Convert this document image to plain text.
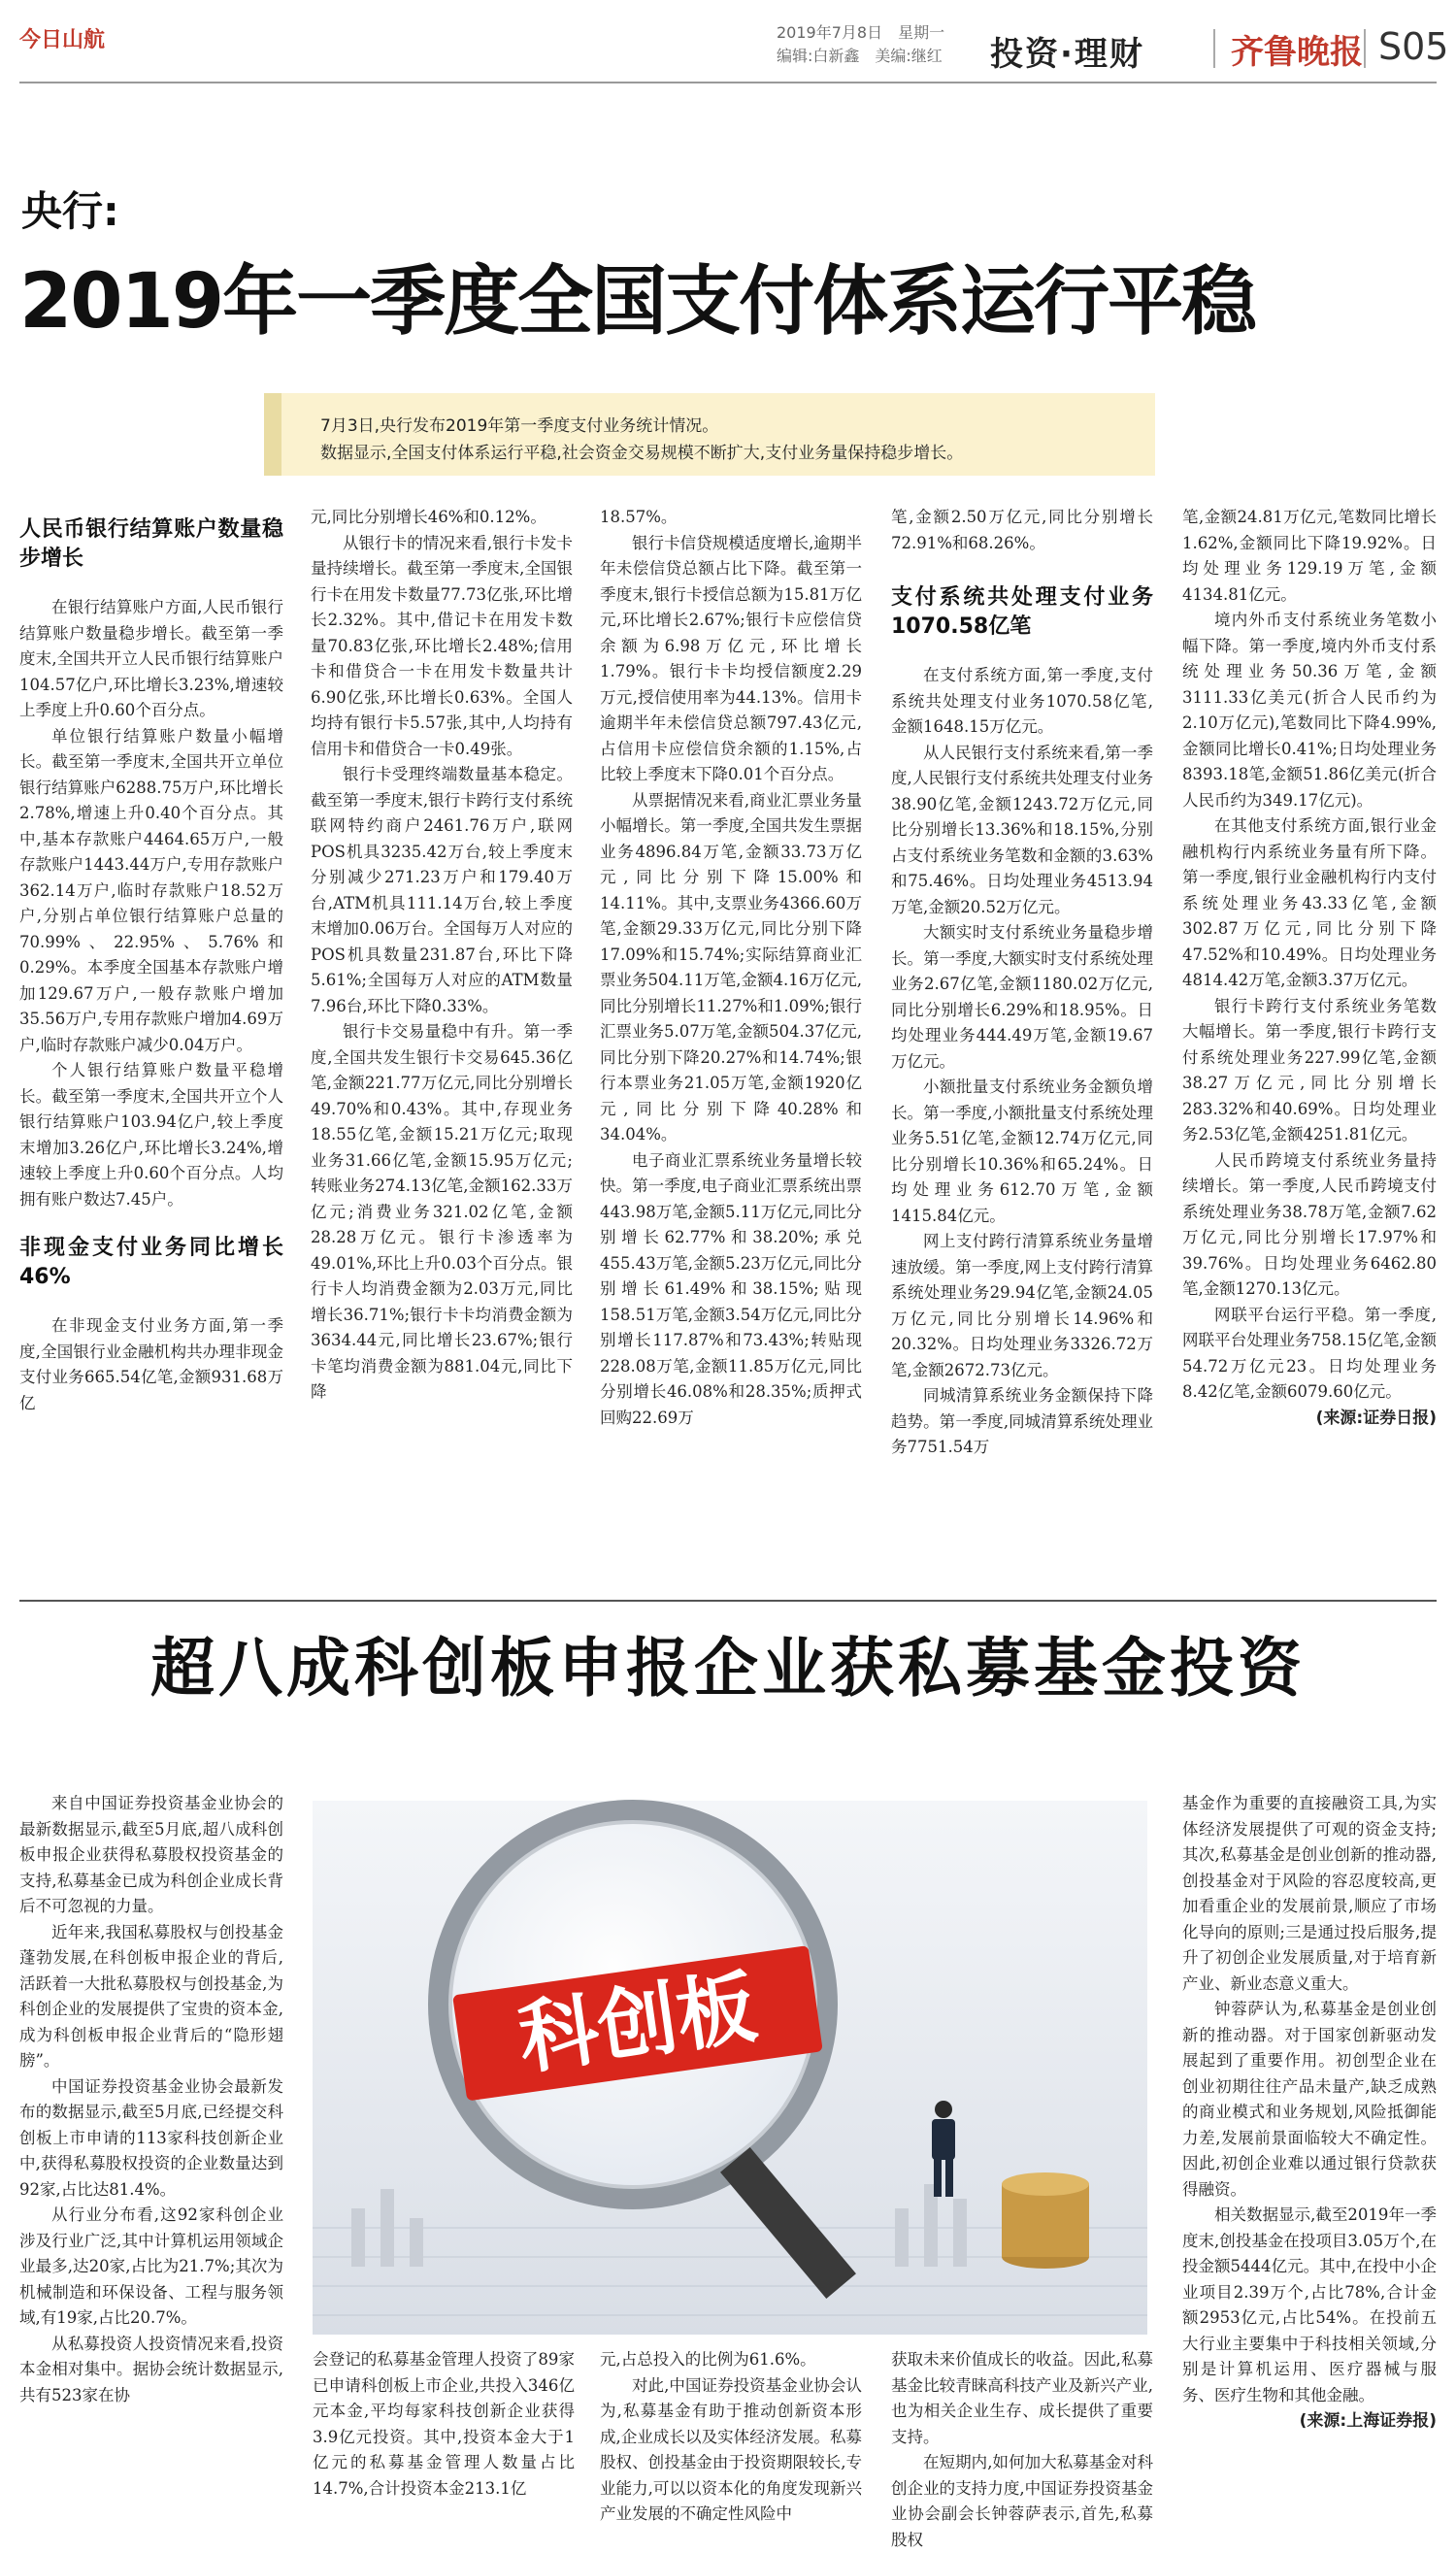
今日山航	2019年7月8日　星期一
编辑:白新鑫　美编:继红 投资·理财	齐鲁晚报 S05
央行:
2019年一季度全国支付体系运行平稳

7月3日,央行发布2019年第一季度支付业务统计情况。

数据显示,全国支付体系运行平稳,社会资金交易规模不断扩大,支付业务量保持稳步增长。

人民币银行结算账户数量稳步增长

在银行结算账户方面,人民币银行结算账户数量稳步增长。截至第一季度末,全国共开立人民币银行结算账户104.57亿户,环比增长3.23%,增速较上季度上升0.60个百分点。

单位银行结算账户数量小幅增长。截至第一季度末,全国共开立单位银行结算账户6288.75万户,环比增长2.78%,增速上升0.40个百分点。其中,基本存款账户4464.65万户,一般存款账户1443.44万户,专用存款账户362.14万户,临时存款账户18.52万户,分别占单位银行结算账户总量的70.99%、22.95%、5.76%和0.29%。本季度全国基本存款账户增加129.67万户,一般存款账户增加35.56万户,专用存款账户增加4.69万户,临时存款账户减少0.04万户。

个人银行结算账户数量平稳增长。截至第一季度末,全国共开立个人银行结算账户103.94亿户,较上季度末增加3.26亿户,环比增长3.24%,增速较上季度上升0.60个百分点。人均拥有账户数达7.45户。

非现金支付业务同比增长46%

在非现金支付业务方面,第一季度,全国银行业金融机构共办理非现金支付业务665.54亿笔,金额931.68万亿

元,同比分别增长46%和0.12%。

从银行卡的情况来看,银行卡发卡量持续增长。截至第一季度末,全国银行卡在用发卡数量77.73亿张,环比增长2.32%。其中,借记卡在用发卡数量70.83亿张,环比增长2.48%;信用卡和借贷合一卡在用发卡数量共计6.90亿张,环比增长0.63%。全国人均持有银行卡5.57张,其中,人均持有信用卡和借贷合一卡0.49张。

银行卡受理终端数量基本稳定。截至第一季度末,银行卡跨行支付系统联网特约商户2461.76万户,联网POS机具3235.42万台,较上季度末分别减少271.23万户和179.40万台,ATM机具111.14万台,较上季度末增加0.06万台。全国每万人对应的POS机具数量231.87台,环比下降5.61%;全国每万人对应的ATM数量7.96台,环比下降0.33%。

银行卡交易量稳中有升。第一季度,全国共发生银行卡交易645.36亿笔,金额221.77万亿元,同比分别增长49.70%和0.43%。其中,存现业务18.55亿笔,金额15.21万亿元;取现业务31.66亿笔,金额15.95万亿元;转账业务274.13亿笔,金额162.33万亿元;消费业务321.02亿笔,金额28.28万亿元。银行卡渗透率为49.01%,环比上升0.03个百分点。银行卡人均消费金额为2.03万元,同比增长36.71%;银行卡卡均消费金额为3634.44元,同比增长23.67%;银行卡笔均消费金额为881.04元,同比下降

18.57%。

银行卡信贷规模适度增长,逾期半年未偿信贷总额占比下降。截至第一季度末,银行卡授信总额为15.81万亿元,环比增长2.67%;银行卡应偿信贷余额为6.98万亿元,环比增长1.79%。银行卡卡均授信额度2.29万元,授信使用率为44.13%。信用卡逾期半年未偿信贷总额797.43亿元,占信用卡应偿信贷余额的1.15%,占比较上季度末下降0.01个百分点。

从票据情况来看,商业汇票业务量小幅增长。第一季度,全国共发生票据业务4896.84万笔,金额33.73万亿元,同比分别下降15.00%和14.11%。其中,支票业务4366.60万笔,金额29.33万亿元,同比分别下降17.09%和15.74%;实际结算商业汇票业务504.11万笔,金额4.16万亿元,同比分别增长11.27%和1.09%;银行汇票业务5.07万笔,金额504.37亿元,同比分别下降20.27%和14.74%;银行本票业务21.05万笔,金额1920亿元,同比分别下降40.28%和34.04%。

电子商业汇票系统业务量增长较快。第一季度,电子商业汇票系统出票443.98万笔,金额5.11万亿元,同比分别增长62.77%和38.20%;承兑455.43万笔,金额5.23万亿元,同比分别增长61.49%和38.15%;贴现158.51万笔,金额3.54万亿元,同比分别增长117.87%和73.43%;转贴现228.08万笔,金额11.85万亿元,同比分别增长46.08%和28.35%;质押式回购22.69万

笔,金额2.50万亿元,同比分别增长72.91%和68.26%。

支付系统共处理支付业务1070.58亿笔

在支付系统方面,第一季度,支付系统共处理支付业务1070.58亿笔,金额1648.15万亿元。

从人民银行支付系统来看,第一季度,人民银行支付系统共处理支付业务38.90亿笔,金额1243.72万亿元,同比分别增长13.36%和18.15%,分别占支付系统业务笔数和金额的3.63%和75.46%。日均处理业务4513.94万笔,金额20.52万亿元。

大额实时支付系统业务量稳步增长。第一季度,大额实时支付系统处理业务2.67亿笔,金额1180.02万亿元,同比分别增长6.29%和18.95%。日均处理业务444.49万笔,金额19.67万亿元。

小额批量支付系统业务金额负增长。第一季度,小额批量支付系统处理业务5.51亿笔,金额12.74万亿元,同比分别增长10.36%和65.24%。日均处理业务612.70万笔,金额1415.84亿元。

网上支付跨行清算系统业务量增速放缓。第一季度,网上支付跨行清算系统处理业务29.94亿笔,金额24.05万亿元,同比分别增长14.96%和20.32%。日均处理业务3326.72万笔,金额2672.73亿元。

同城清算系统业务金额保持下降趋势。第一季度,同城清算系统处理业务7751.54万

笔,金额24.81万亿元,笔数同比增长1.62%,金额同比下降19.92%。日均处理业务129.19万笔,金额4134.81亿元。

境内外币支付系统业务笔数小幅下降。第一季度,境内外币支付系统处理业务50.36万笔,金额3111.33亿美元(折合人民币约为2.10万亿元),笔数同比下降4.99%,金额同比增长0.41%;日均处理业务8393.18笔,金额51.86亿美元(折合人民币约为349.17亿元)。

在其他支付系统方面,银行业金融机构行内系统业务量有所下降。第一季度,银行业金融机构行内支付系统处理业务43.33亿笔,金额302.87万亿元,同比分别下降47.52%和10.49%。日均处理业务4814.42万笔,金额3.37万亿元。

银行卡跨行支付系统业务笔数大幅增长。第一季度,银行卡跨行支付系统处理业务227.99亿笔,金额38.27万亿元,同比分别增长283.32%和40.69%。日均处理业务2.53亿笔,金额4251.81亿元。

人民币跨境支付系统业务量持续增长。第一季度,人民币跨境支付系统处理业务38.78万笔,金额7.62万亿元,同比分别增长17.97%和39.76%。日均处理业务6462.80笔,金额1270.13亿元。

网联平台运行平稳。第一季度,网联平台处理业务758.15亿笔,金额54.72万亿元23。日均处理业务8.42亿笔,金额6079.60亿元。

(来源:证券日报)

超八成科创板申报企业获私募基金投资

来自中国证券投资基金业协会的最新数据显示,截至5月底,超八成科创板申报企业获得私募股权投资基金的支持,私募基金已成为科创企业成长背后不可忽视的力量。

近年来,我国私募股权与创投基金蓬勃发展,在科创板申报企业的背后,活跃着一大批私募股权与创投基金,为科创企业的发展提供了宝贵的资本金,成为科创板申报企业背后的“隐形翅膀”。

中国证券投资基金业协会最新发布的数据显示,截至5月底,已经提交科创板上市申请的113家科技创新企业中,获得私募股权投资的企业数量达到92家,占比达81.4%。

从行业分布看,这92家科创企业涉及行业广泛,其中计算机运用领域企业最多,达20家,占比为21.7%;其次为机械制造和环保设备、工程与服务领域,有19家,占比20.7%。

从私募投资人投资情况来看,投资本金相对集中。据协会统计数据显示,共有523家在协

科创板

会登记的私募基金管理人投资了89家已申请科创板上市企业,共投入346亿元本金,平均每家科技创新企业获得3.9亿元投资。其中,投资本金大于1亿元的私募基金管理人数量占比14.7%,合计投资本金213.1亿

元,占总投入的比例为61.6%。

对此,中国证券投资基金业协会认为,私募基金有助于推动创新资本形成,企业成长以及实体经济发展。私募股权、创投基金由于投资期限较长,专业能力,可以以资本化的角度发现新兴产业发展的不确定性风险中

获取未来价值成长的收益。因此,私募基金比较青睐高科技产业及新兴产业,也为相关企业生存、成长提供了重要支持。

在短期内,如何加大私募基金对科创企业的支持力度,中国证券投资基金业协会副会长钟蓉萨表示,首先,私募股权

基金作为重要的直接融资工具,为实体经济发展提供了可观的资金支持;其次,私募基金是创业创新的推动器,创投基金对于风险的容忍度较高,更加看重企业的发展前景,顺应了市场化导向的原则;三是通过投后服务,提升了初创企业发展质量,对于培育新产业、新业态意义重大。

钟蓉萨认为,私募基金是创业创新的推动器。对于国家创新驱动发展起到了重要作用。初创型企业在创业初期往往产品未量产,缺乏成熟的商业模式和业务规划,风险抵御能力差,发展前景面临较大不确定性。因此,初创企业难以通过银行贷款获得融资。

相关数据显示,截至2019年一季度末,创投基金在投项目3.05万个,在投金额5444亿元。其中,在投中小企业项目2.39万个,占比78%,合计金额2953亿元,占比54%。在投前五大行业主要集中于科技相关领域,分别是计算机运用、医疗器械与服务、医疗生物和其他金融。

(来源:上海证券报)
